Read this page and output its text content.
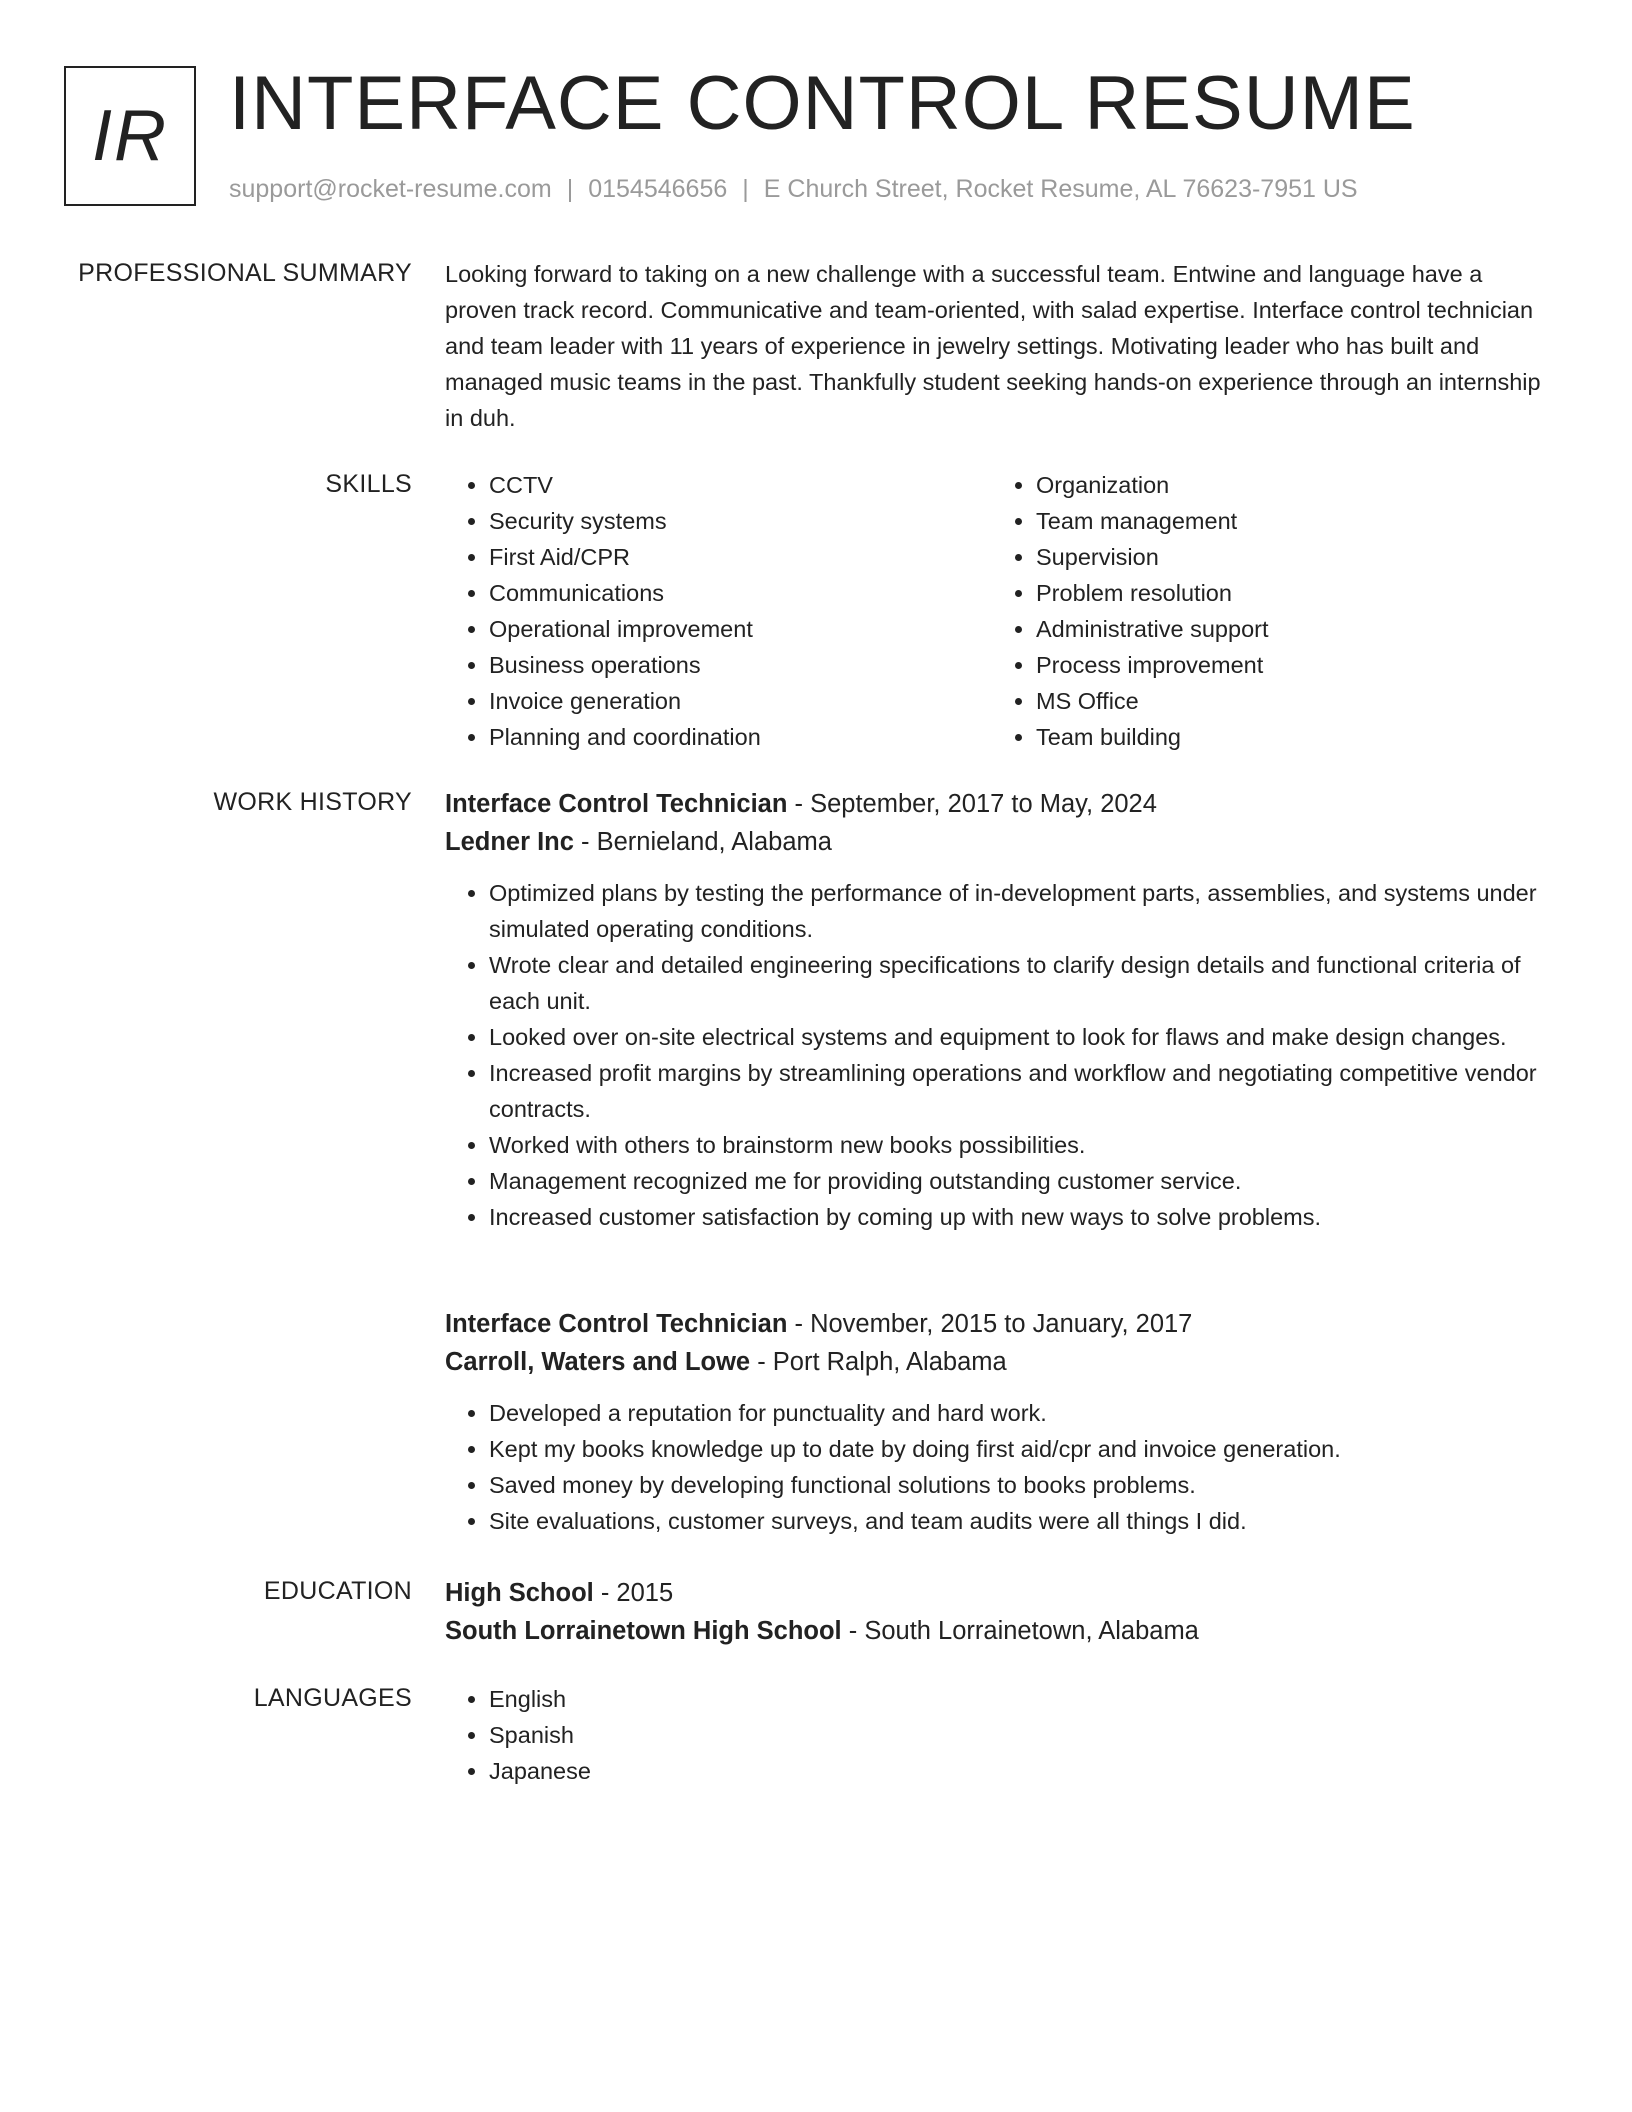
IR INTERFACE CONTROL RESUME
support@rocket-resume.com | 0154546656 | E Church Street, Rocket Resume, AL 76623-7951 US
PROFESSIONAL SUMMARY Looking forward to taking on a new challenge with a successful team. Entwine and language have a proven track record. Communicative and team-oriented, with salad expertise. Interface control technician and team leader with 11 years of experience in jewelry settings. Motivating leader who has built and managed music teams in the past. Thankfully student seeking hands-on experience through an internship in duh.

SKILLS	• CCTV
• Security systems
• First Aid/CPR
• Communications
• Operational improvement
• Business operations
• Invoice generation
• Planning and coordination
• Organization
• Team management
• Supervision
• Problem resolution
• Administrative support
• Process improvement
• MS Office
• Team building
WORK HISTORY Interface Control Technician - September, 2017 to May, 2024
Ledner Inc - Bernieland, Alabama
• Optimized plans by testing the performance of in-development parts, assemblies, and systems under simulated operating conditions.
• Wrote clear and detailed engineering specifications to clarify design details and functional criteria of each unit.
• Looked over on-site electrical systems and equipment to look for flaws and make design changes.
• Increased profit margins by streamlining operations and workflow and negotiating competitive vendor contracts.
• Worked with others to brainstorm new books possibilities.
• Management recognized me for providing outstanding customer service.
• Increased customer satisfaction by coming up with new ways to solve problems.
Interface Control Technician - November, 2015 to January, 2017
Carroll, Waters and Lowe - Port Ralph, Alabama
• Developed a reputation for punctuality and hard work.
• Kept my books knowledge up to date by doing first aid/cpr and invoice generation.
• Saved money by developing functional solutions to books problems.
• Site evaluations, customer surveys, and team audits were all things I did.
EDUCATION High School - 2015
South Lorrainetown High School - South Lorrainetown, Alabama
LANGUAGES	• English
• Spanish
• Japanese
